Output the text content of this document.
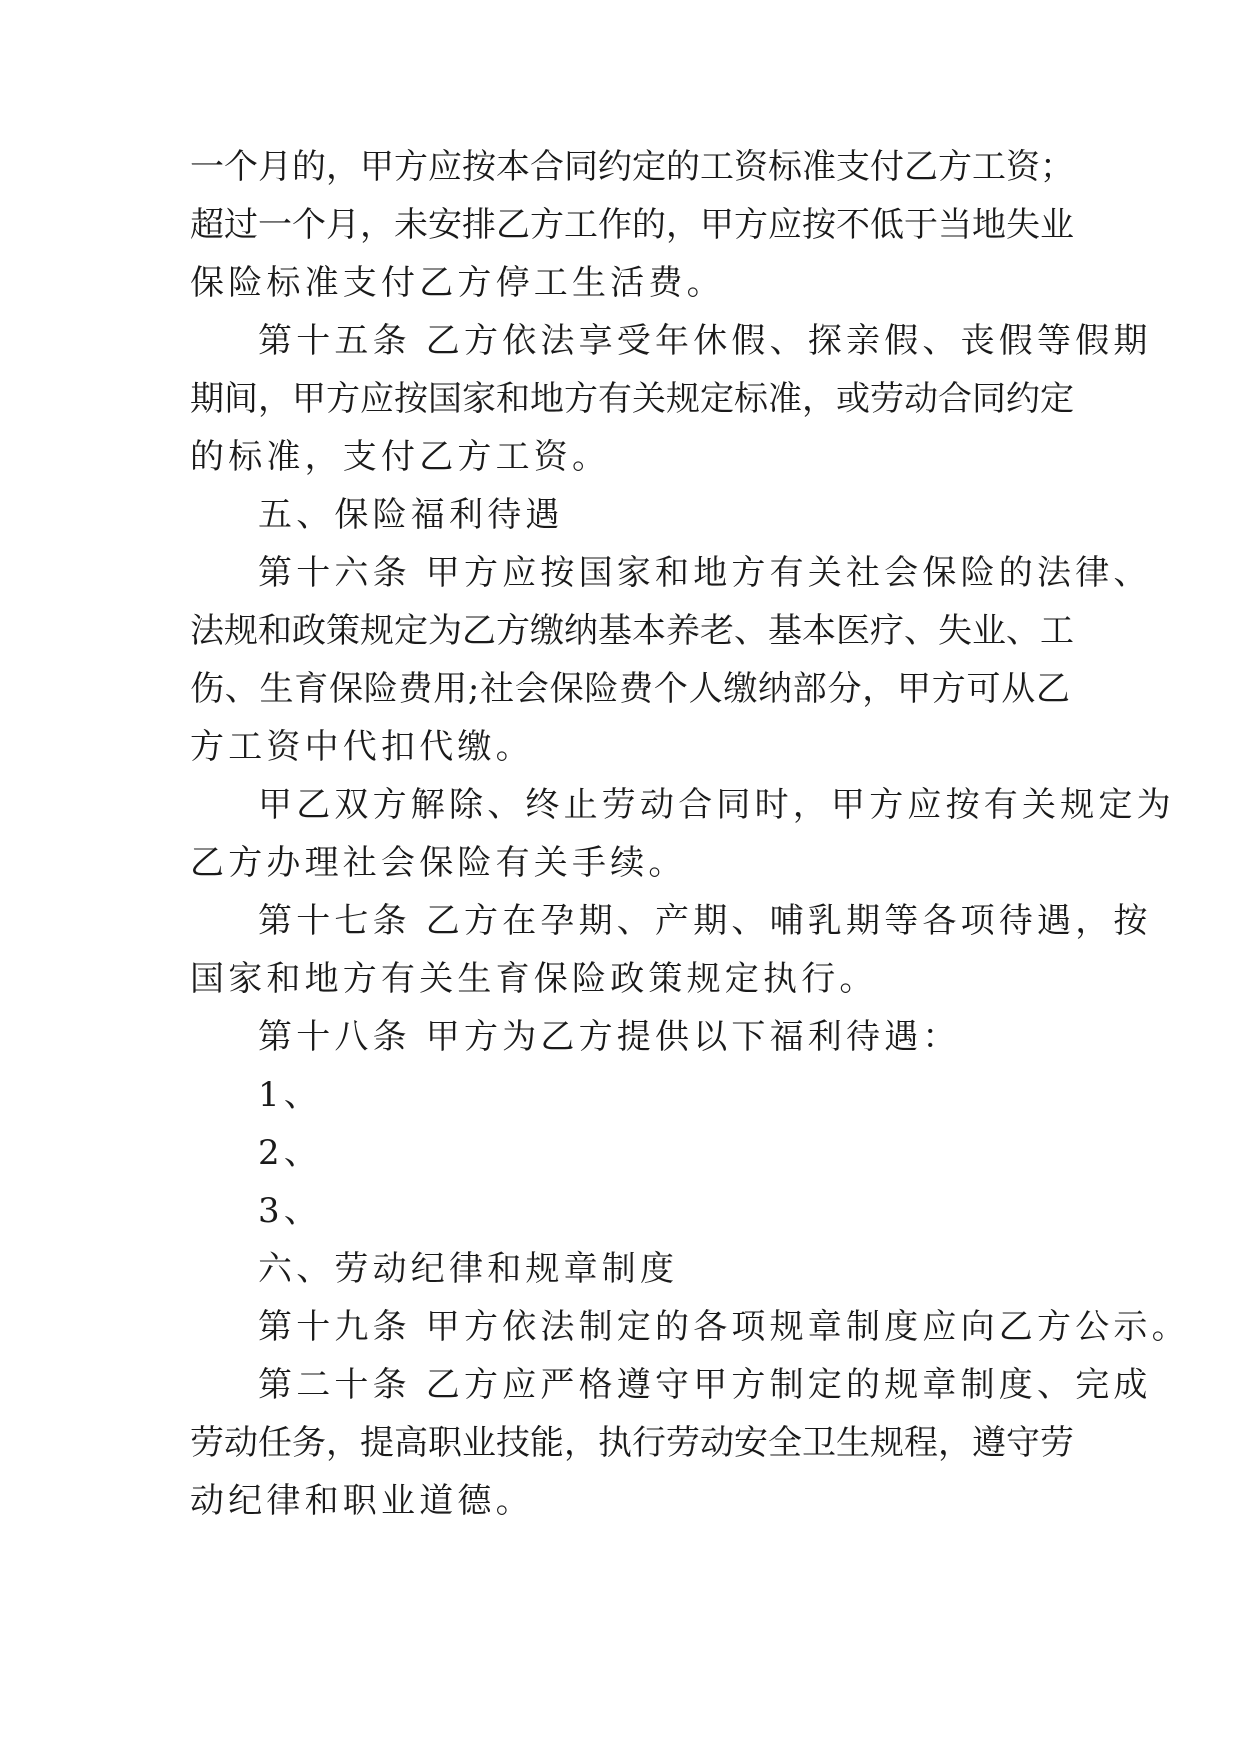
一个月的，甲方应按本合同约定的工资标准支付乙方工资；
超过一个月，未安排乙方工作的，甲方应按不低于当地失业
保险标准支付乙方停工生活费。
第十五条 乙方依法享受年休假、探亲假、丧假等假期
期间，甲方应按国家和地方有关规定标准，或劳动合同约定
的标准，支付乙方工资。
五、保险福利待遇
第十六条 甲方应按国家和地方有关社会保险的法律、
法规和政策规定为乙方缴纳基本养老、基本医疗、失业、工
伤、生育保险费用;社会保险费个人缴纳部分，甲方可从乙
方工资中代扣代缴。
甲乙双方解除、终止劳动合同时，甲方应按有关规定为
乙方办理社会保险有关手续。
第十七条 乙方在孕期、产期、哺乳期等各项待遇，按
国家和地方有关生育保险政策规定执行。
第十八条 甲方为乙方提供以下福利待遇：
1、
2、
3、
六、劳动纪律和规章制度
第十九条 甲方依法制定的各项规章制度应向乙方公示。
第二十条 乙方应严格遵守甲方制定的规章制度、完成
劳动任务，提高职业技能，执行劳动安全卫生规程，遵守劳
动纪律和职业道德。
